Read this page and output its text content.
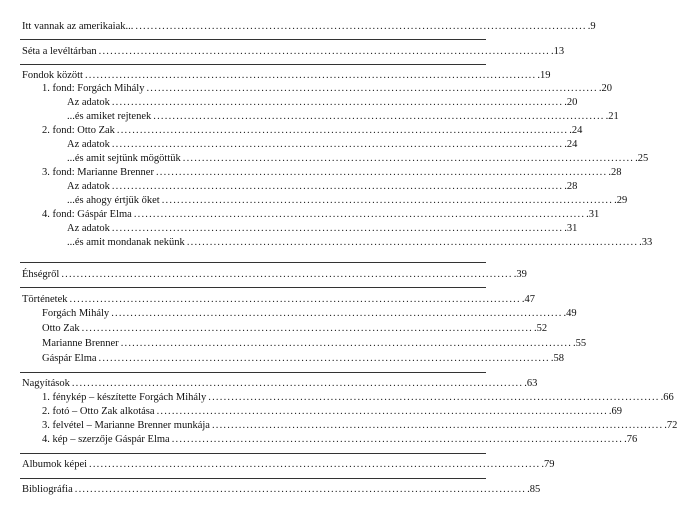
Itt vannak az amerikaiak... ...................................................................................................................... .9
Séta a levéltárban ...................................................................................................................... .13
Fondok között ...................................................................................................................... .19
1. fond: Forgách Mihály ...................................................................................................................... .20
Az adatok ...................................................................................................................... .20
...és amiket rejtenek ...................................................................................................................... .21
2. fond: Otto Zak ...................................................................................................................... .24
Az adatok ...................................................................................................................... .24
...és amit sejtünk mögöttük ...................................................................................................................... .25
3. fond: Marianne Brenner ...................................................................................................................... .28
Az adatok ...................................................................................................................... .28
...és ahogy értjük őket ...................................................................................................................... .29
4. fond: Gáspár Elma ...................................................................................................................... .31
Az adatok ...................................................................................................................... .31
...és amit mondanak nekünk ...................................................................................................................... .33
Éhségről ...................................................................................................................... .39
Történetek ...................................................................................................................... .47
Forgách Mihály ...................................................................................................................... .49
Otto Zak ...................................................................................................................... .52
Marianne Brenner ...................................................................................................................... .55
Gáspár Elma ...................................................................................................................... .58
Nagyítások ...................................................................................................................... .63
1. fénykép – készítette Forgách Mihály ...................................................................................................................... .66
2. fotó – Otto Zak alkotása ...................................................................................................................... .69
3. felvétel – Marianne Brenner munkája ...................................................................................................................... .72
4. kép – szerzője Gáspár Elma ...................................................................................................................... .76
Albumok képei ...................................................................................................................... .79
Bibliográfia ...................................................................................................................... .85
